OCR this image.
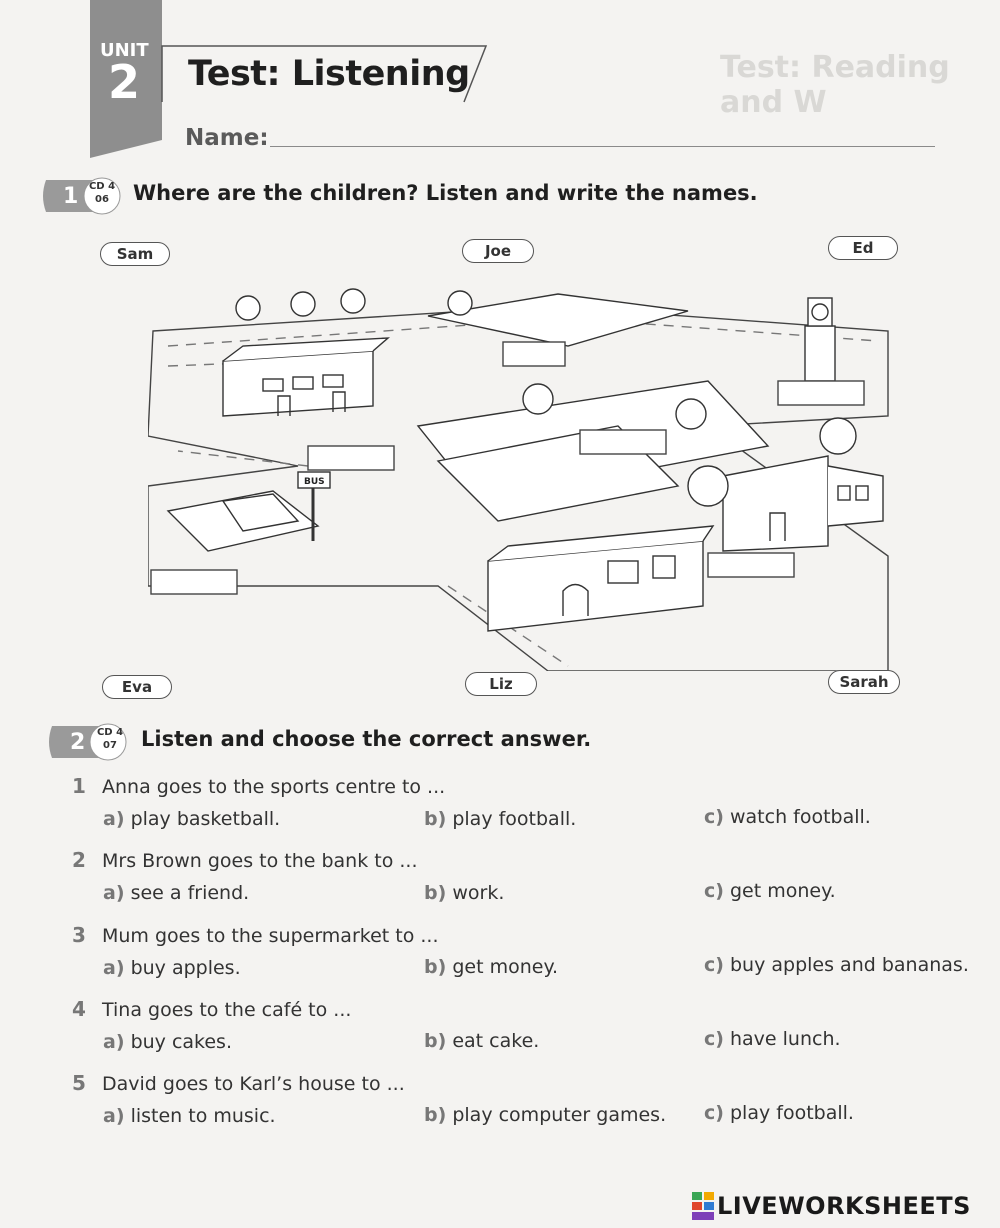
Test: Reading and W
UNIT
2 Test: Listening
Name:
1	CD 4
06	Where are the children? Listen and write the names.
Sam	Joe	Ed
BUS
Eva	Liz	Sarah
2	CD 4
07	Listen and choose the correct answer.
1 Anna goes to the sports centre to ...
a) play basketball.	b) play football.	c) watch football.
2 Mrs Brown goes to the bank to ...
a) see a friend.	b) work.	c) get money.
3 Mum goes to the supermarket to ...
a) buy apples.	b) get money.	c) buy apples and bananas.
4 Tina goes to the café to ...
a) buy cakes.	b) eat cake.	c) have lunch.
5 David goes to Karl’s house to ...
a) listen to music.	b) play computer games. c) play football.
LIVEWORKSHEETS
